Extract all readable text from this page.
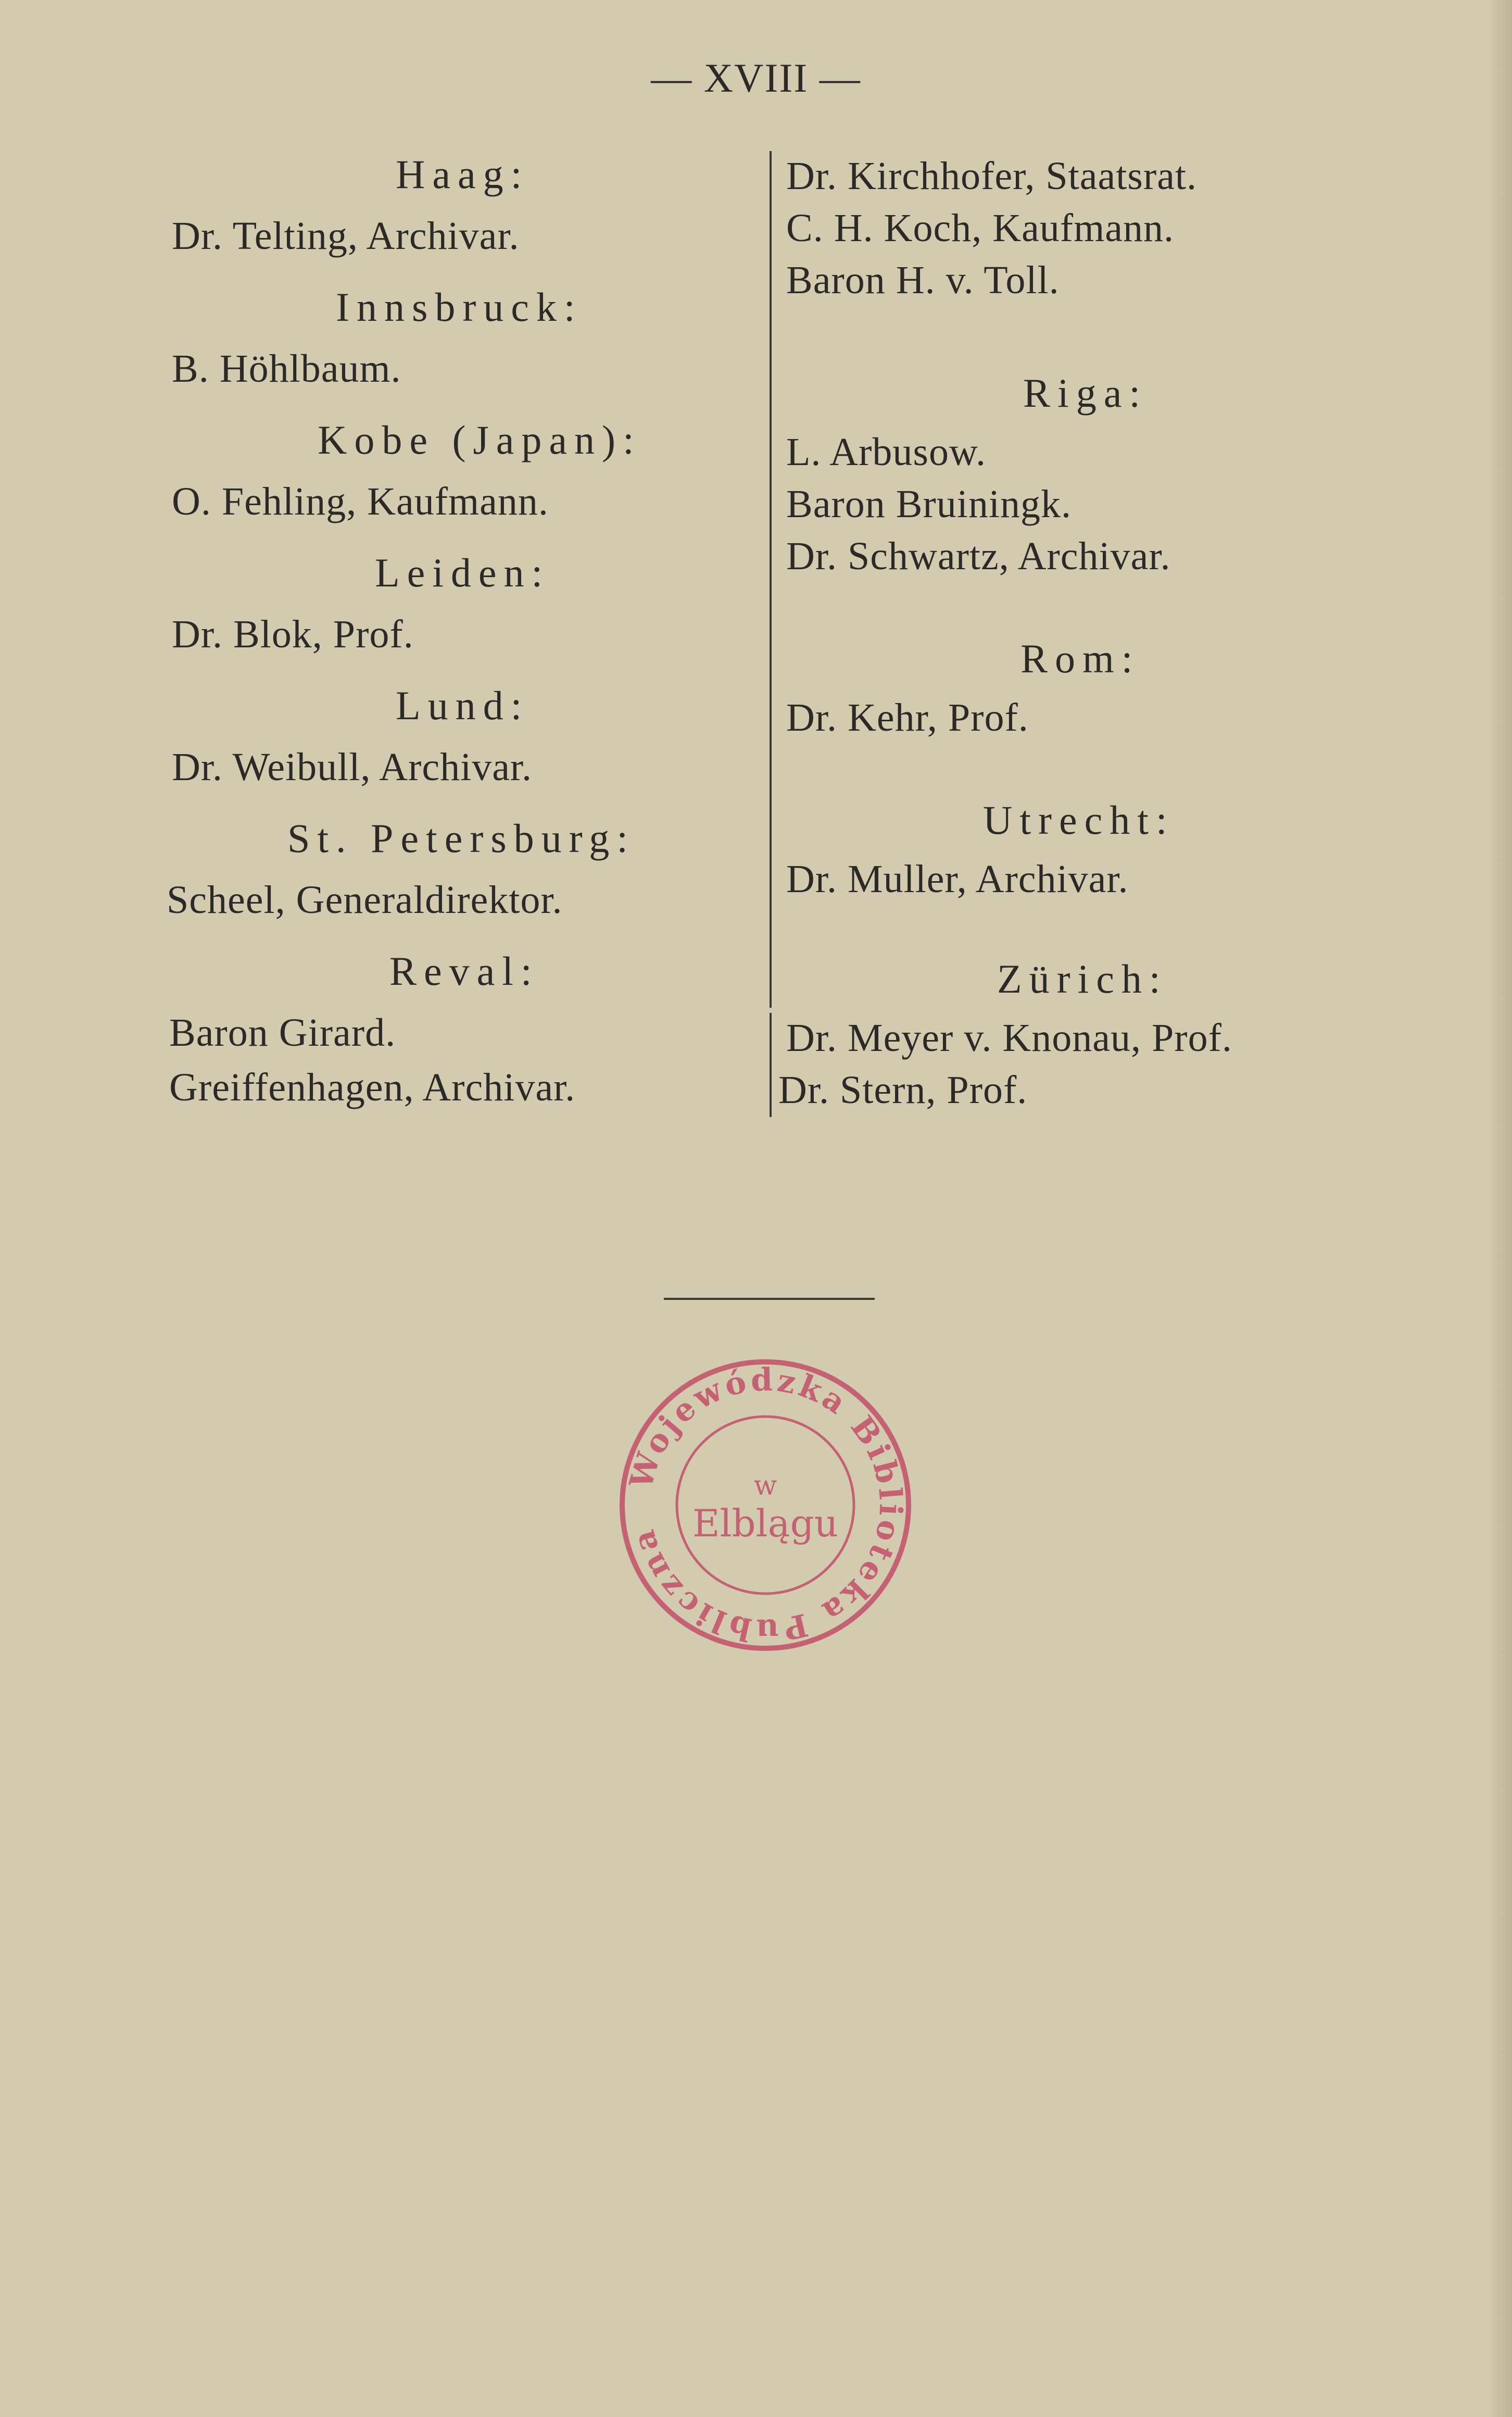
— XVIII —
Haag:
Dr. Telting, Archivar.
Innsbruck:
B. Höhlbaum.
Kobe (Japan):
O. Fehling, Kaufmann.
Leiden:
Dr. Blok, Prof.
Lund:
Dr. Weibull, Archivar.
St. Petersburg:
Scheel, Generaldirektor.
Reval:
Baron Girard.
Greiffenhagen, Archivar.
Dr. Kirchhofer, Staatsrat.
C. H. Koch, Kaufmann.
Baron H. v. Toll.
Riga:
L. Arbusow.
Baron Bruiningk.
Dr. Schwartz, Archivar.
Rom:
Dr. Kehr, Prof.
Utrecht:
Dr. Muller, Archivar.
Zürich:
Dr. Meyer v. Knonau, Prof.
Dr. Stern, Prof.
Wojewódzka Biblioteka Publiczna
w
Elblągu
